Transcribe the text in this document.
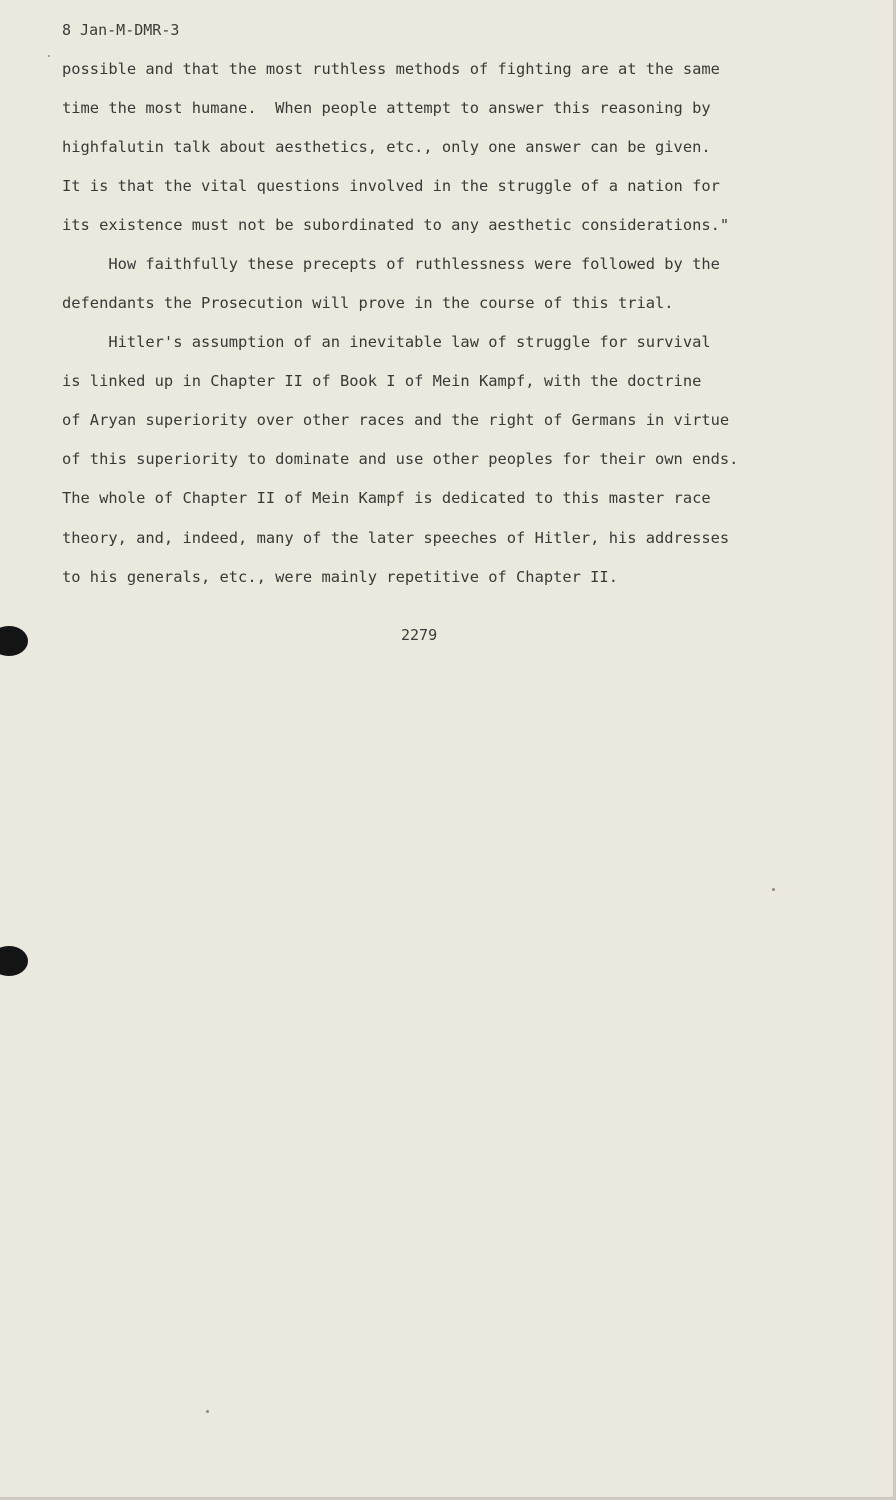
8 Jan-M-DMR-3
possible and that the most ruthless methods of fighting are at the same
time the most humane.  When people attempt to answer this reasoning by
highfalutin talk about aesthetics, etc., only one answer can be given.
It is that the vital questions involved in the struggle of a nation for
its existence must not be subordinated to any aesthetic considerations."
How faithfully these precepts of ruthlessness were followed by the
defendants the Prosecution will prove in the course of this trial.
Hitler's assumption of an inevitable law of struggle for survival
is linked up in Chapter II of Book I of Mein Kampf, with the doctrine
of Aryan superiority over other races and the right of Germans in virtue
of this superiority to dominate and use other peoples for their own ends.
The whole of Chapter II of Mein Kampf is dedicated to this master race
theory, and, indeed, many of the later speeches of Hitler, his addresses
to his generals, etc., were mainly repetitive of Chapter II.
2279
